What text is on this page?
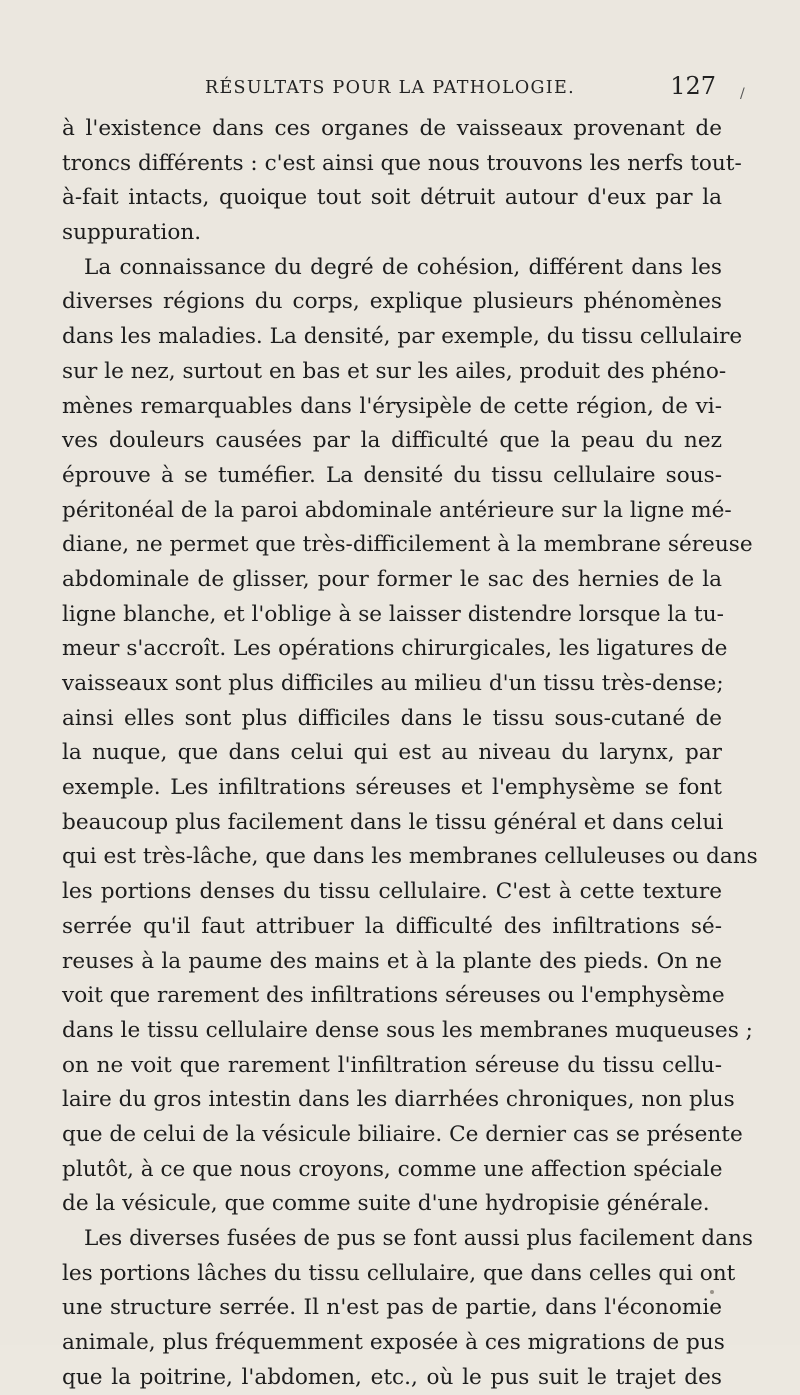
RÉSULTATS POUR LA PATHOLOGIE.	127 /
à l'existence dans ces organes de vaisseaux provenant de
troncs différents : c'est ainsi que nous trouvons les nerfs tout-
à-fait intacts, quoique tout soit détruit autour d'eux par la
suppuration.
La connaissance du degré de cohésion, différent dans les
diverses régions du corps, explique plusieurs phénomènes
dans les maladies. La densité, par exemple, du tissu cellulaire
sur le nez, surtout en bas et sur les ailes, produit des phéno-
mènes remarquables dans l'érysipèle de cette région, de vi-
ves douleurs causées par la difficulté que la peau du nez
éprouve à se tuméfier. La densité du tissu cellulaire sous-
péritonéal de la paroi abdominale antérieure sur la ligne mé-
diane, ne permet que très-difficilement à la membrane séreuse
abdominale de glisser, pour former le sac des hernies de la
ligne blanche, et l'oblige à se laisser distendre lorsque la tu-
meur s'accroît. Les opérations chirurgicales, les ligatures de
vaisseaux sont plus difficiles au milieu d'un tissu très-dense;
ainsi elles sont plus difficiles dans le tissu sous-cutané de
la nuque, que dans celui qui est au niveau du larynx, par
exemple. Les infiltrations séreuses et l'emphysème se font
beaucoup plus facilement dans le tissu général et dans celui
qui est très-lâche, que dans les membranes celluleuses ou dans
les portions denses du tissu cellulaire. C'est à cette texture
serrée qu'il faut attribuer la difficulté des infiltrations sé-
reuses à la paume des mains et à la plante des pieds. On ne
voit que rarement des infiltrations séreuses ou l'emphysème
dans le tissu cellulaire dense sous les membranes muqueuses ;
on ne voit que rarement l'infiltration séreuse du tissu cellu-
laire du gros intestin dans les diarrhées chroniques, non plus
que de celui de la vésicule biliaire. Ce dernier cas se présente
plutôt, à ce que nous croyons, comme une affection spéciale
de la vésicule, que comme suite d'une hydropisie générale.
Les diverses fusées de pus se font aussi plus facilement dans
les portions lâches du tissu cellulaire, que dans celles qui ont
une structure serrée. Il n'est pas de partie, dans l'économie
animale, plus fréquemment exposée à ces migrations de pus
que la poitrine, l'abdomen, etc., où le pus suit le trajet des
